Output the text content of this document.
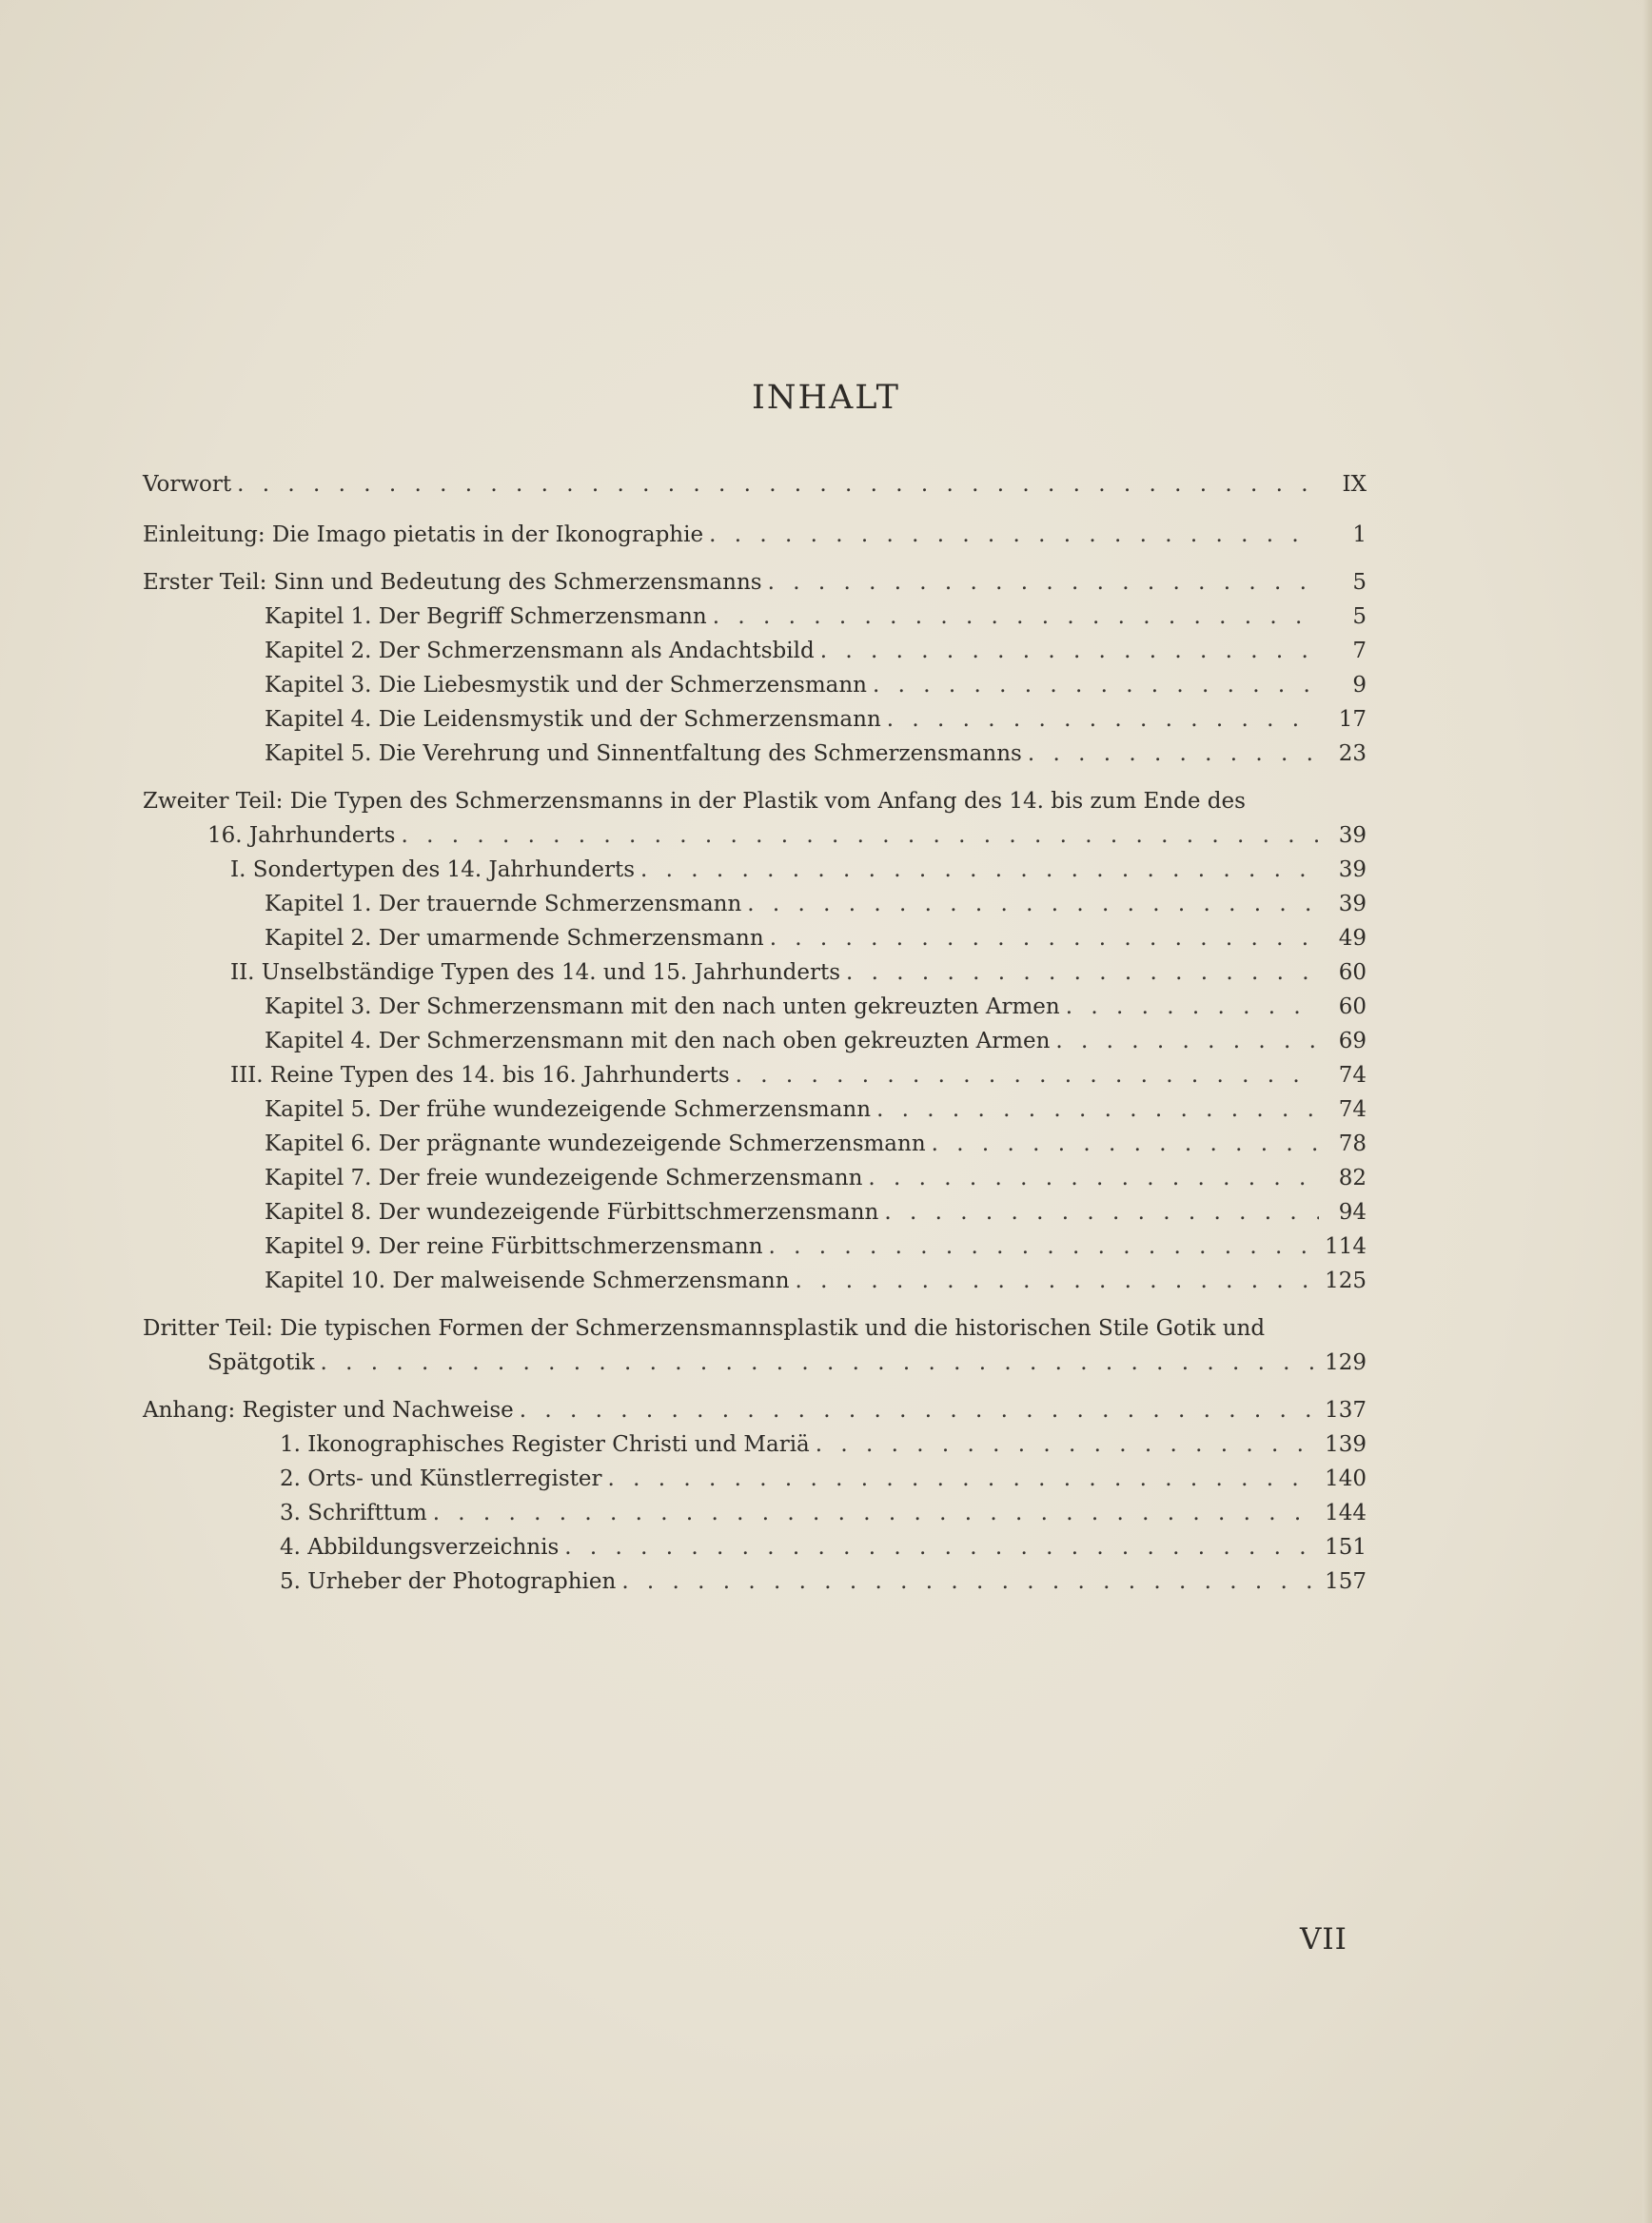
INHALT
Vorwort . . .	IX
Einleitung: Die Imago pietatis in der Ikonographie . . .	1
Erster Teil: Sinn und Bedeutung des Schmerzensmanns . . .	5
Kapitel 1. Der Begriff Schmerzensmann . . .	5
Kapitel 2. Der Schmerzensmann als Andachtsbild . . .	7
Kapitel 3. Die Liebesmystik und der Schmerzensmann . . .	9
Kapitel 4. Die Leidensmystik und der Schmerzensmann . . .	17
Kapitel 5. Die Verehrung und Sinnentfaltung des Schmerzensmanns . . .	23
Zweiter Teil: Die Typen des Schmerzensmanns in der Plastik vom Anfang des 14. bis zum Ende des
16. Jahrhunderts . . .	39
I. Sondertypen des 14. Jahrhunderts . . .	39
Kapitel 1. Der trauernde Schmerzensmann . . .	39
Kapitel 2. Der umarmende Schmerzensmann . . .	49
II. Unselbständige Typen des 14. und 15. Jahrhunderts . . .	60
Kapitel 3. Der Schmerzensmann mit den nach unten gekreuzten Armen . . .	60
Kapitel 4. Der Schmerzensmann mit den nach oben gekreuzten Armen . . .	69
III. Reine Typen des 14. bis 16. Jahrhunderts . . .	74
Kapitel 5. Der frühe wundezeigende Schmerzensmann . . .	74
Kapitel 6. Der prägnante wundezeigende Schmerzensmann . . .	78
Kapitel 7. Der freie wundezeigende Schmerzensmann . . .	82
Kapitel 8. Der wundezeigende Fürbittschmerzensmann . . .	94
Kapitel 9. Der reine Fürbittschmerzensmann . . .	114
Kapitel 10. Der malweisende Schmerzensmann . . .	125
Dritter Teil: Die typischen Formen der Schmerzensmannsplastik und die historischen Stile Gotik und
Spätgotik . . .	129
Anhang: Register und Nachweise . . .	137
1. Ikonographisches Register Christi und Mariä . . .	139
2. Orts- und Künstlerregister . . .	140
3. Schrifttum . . .	144
4. Abbildungsverzeichnis . . .	151
5. Urheber der Photographien . . .	157
VII
